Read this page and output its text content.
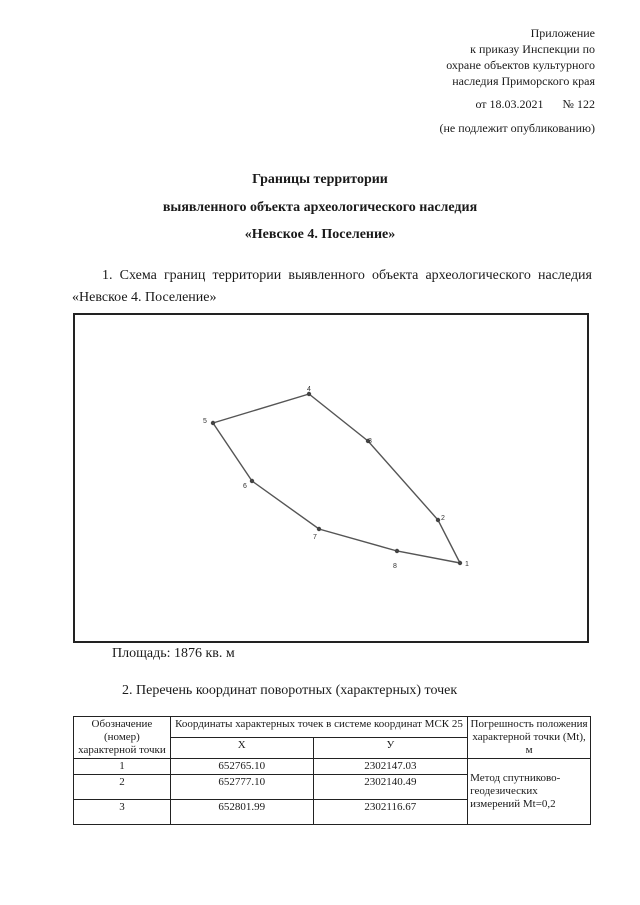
Приложение
к приказу Инспекции по
охране объектов культурного
наследия Приморского края
от 18.03.2021 № 122
(не подлежит опубликованию)
Границы территории
выявленного объекта археологического наследия
«Невское 4. Поселение»
1. Схема границ территории выявленного объекта археологического наследия «Невское 4. Поселение»
1
2
3
4
5
6
7
8
Площадь: 1876 кв. м
2. Перечень координат поворотных (характерных) точек
Обозначение (номер) характерной точки	Координаты характерных точек в системе координат МСК 25		Погрешность положения характерной точки (Mt), м
	Х	У	
1	652765.10	2302147.03	Метод спутниково-геодезических измерений Mt=0,2
2	652777.10	2302140.49	
3	652801.99	2302116.67	
